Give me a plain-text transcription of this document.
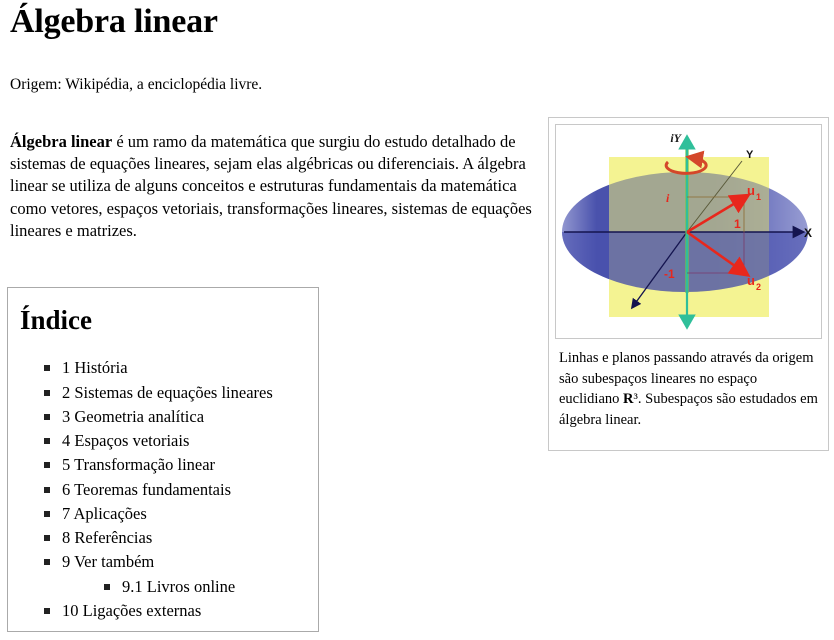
Álgebra linear
Origem: Wikipédia, a enciclopédia livre.

Álgebra linear é um ramo da matemática que surgiu do estudo detalhado de sistemas de equações lineares, sejam elas algébricas ou diferenciais. A álgebra linear se utiliza de alguns conceitos e estruturas fundamentais da matemática como vetores, espaços vetoriais, transformações lineares, sistemas de equações lineares e matrizes.

Índice
1 História
2 Sistemas de equações lineares
3 Geometria analítica
4 Espaços vetoriais
5 Transformação linear
6 Teoremas fundamentais
7 Aplicações
8 Referências
9 Ver também
9.1 Livros online
10 Ligações externas
iY
X
Y
i
1
-1
u 1
u 2
Linhas e planos passando através da origem são subespaços lineares no espaço euclidiano R³. Subespaços são estudados em álgebra linear.
